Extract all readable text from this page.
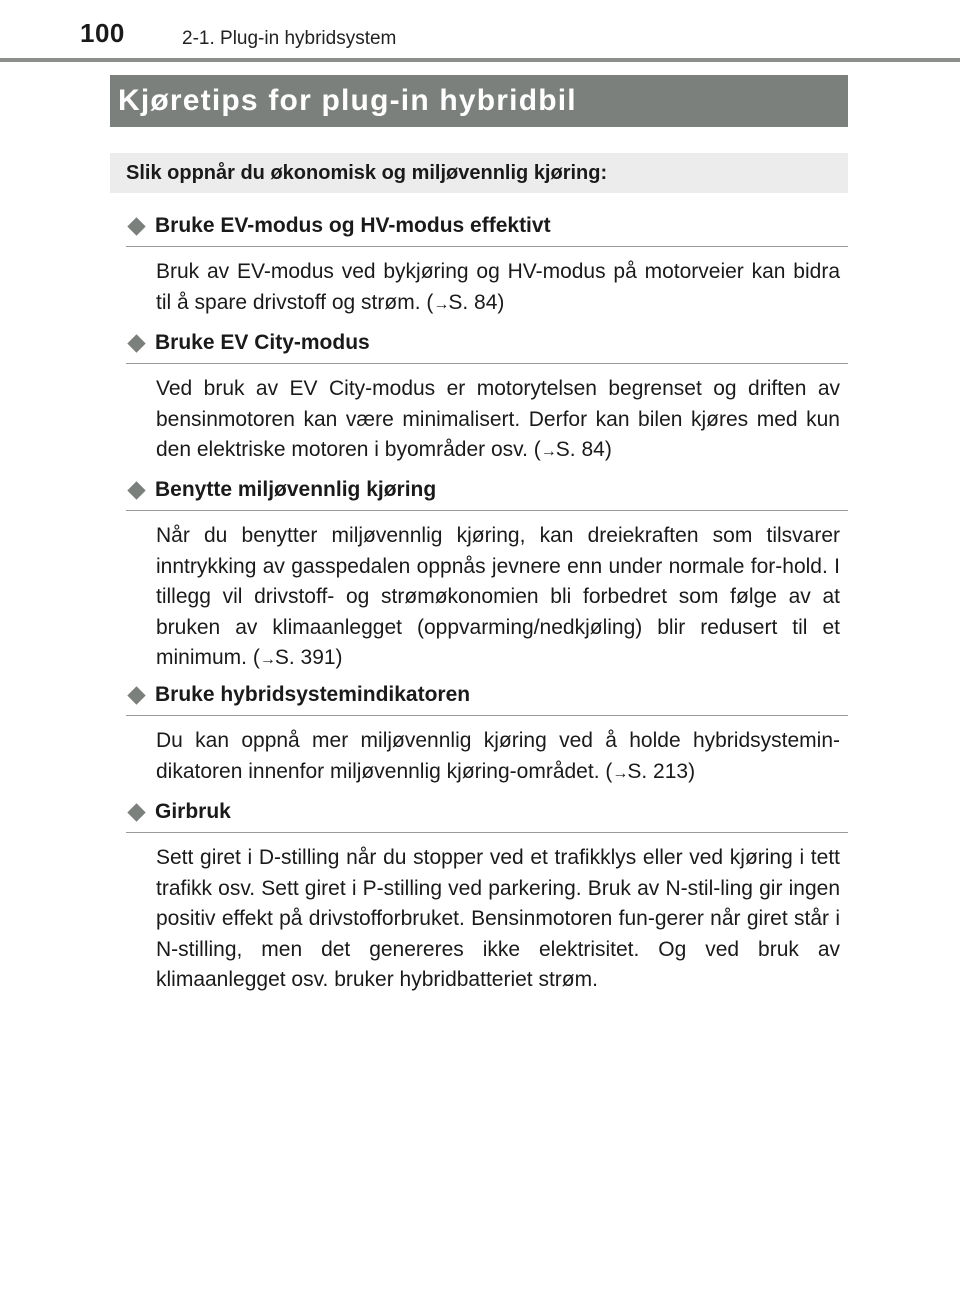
100	2-1. Plug-in hybridsystem
Kjøretips for plug-in hybridbil
Slik oppnår du økonomisk og miljøvennlig kjøring:
Bruke EV-modus og HV-modus effektivt
Bruk av EV-modus ved bykjøring og HV-modus på motorveier kan bidra til å spare drivstoff og strøm. (→S. 84)
Bruke EV City-modus
Ved bruk av EV City-modus er motorytelsen begrenset og driften av bensinmotoren kan være minimalisert. Derfor kan bilen kjøres med kun den elektriske motoren i byområder osv. (→S. 84)
Benytte miljøvennlig kjøring
Når du benytter miljøvennlig kjøring, kan dreiekraften som tilsvarer inntrykking av gasspedalen oppnås jevnere enn under normale for-hold. I tillegg vil drivstoff- og strømøkonomien bli forbedret som følge av at bruken av klimaanlegget (oppvarming/nedkjøling) blir redusert til et minimum. (→S. 391)
Bruke hybridsystemindikatoren
Du kan oppnå mer miljøvennlig kjøring ved å holde hybridsystemin-dikatoren innenfor miljøvennlig kjøring-området. (→S. 213)
Girbruk
Sett giret i D-stilling når du stopper ved et trafikklys eller ved kjøring i tett trafikk osv. Sett giret i P-stilling ved parkering. Bruk av N-stil-ling gir ingen positiv effekt på drivstofforbruket. Bensinmotoren fun-gerer når giret står i N-stilling, men det genereres ikke elektrisitet. Og ved bruk av klimaanlegget osv. bruker hybridbatteriet strøm.
